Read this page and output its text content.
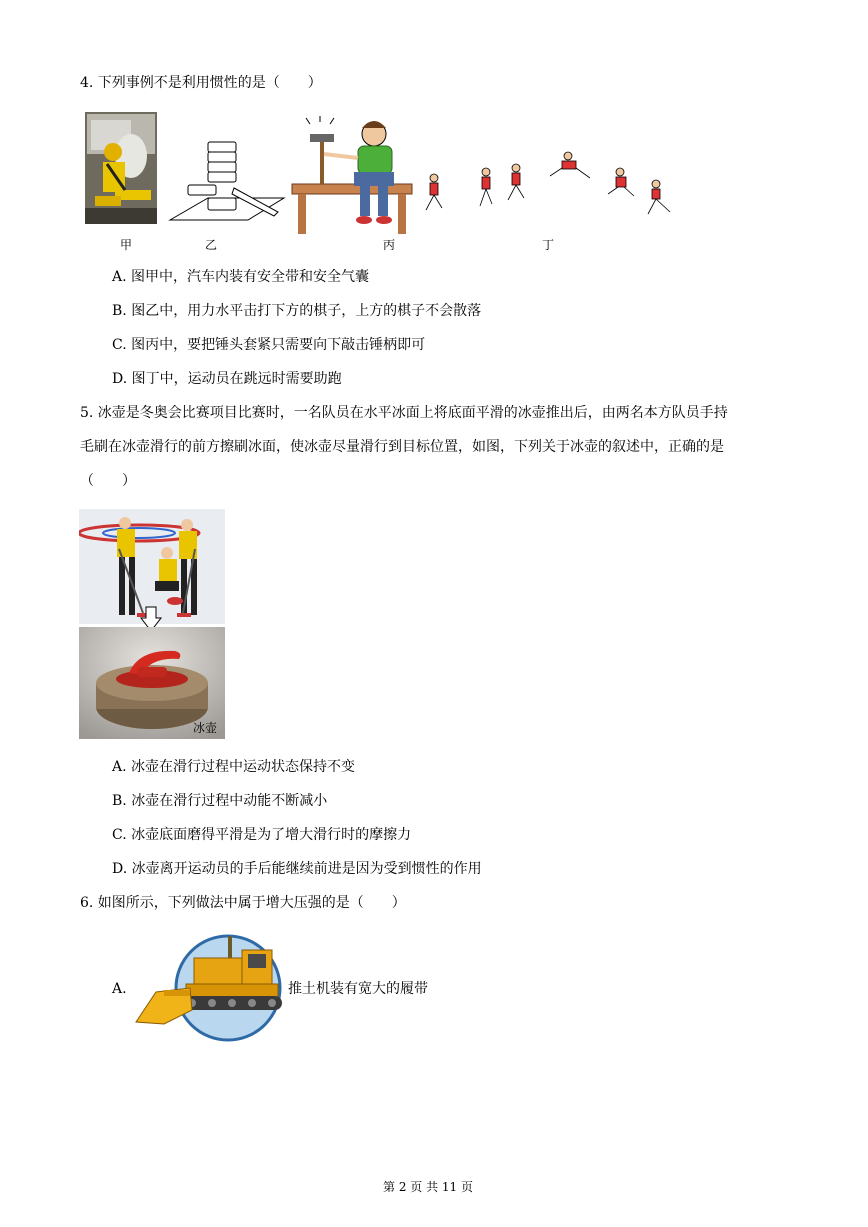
4. 下列事例不是利用惯性的是（　　）
甲	乙	丙	丁
A. 图甲中，汽车内装有安全带和安全气囊
B. 图乙中，用力水平击打下方的棋子，上方的棋子不会散落
C. 图丙中，要把锤头套紧只需要向下敲击锤柄即可
D. 图丁中，运动员在跳远时需要助跑
5. 冰壶是冬奥会比赛项目比赛时，一名队员在水平冰面上将底面平滑的冰壶推出后，由两名本方队员手持
毛刷在冰壶滑行的前方擦刷冰面，使冰壶尽量滑行到目标位置，如图，下列关于冰壶的叙述中，正确的是
（　　）
冰壶
A. 冰壶在滑行过程中运动状态保持不变
B. 冰壶在滑行过程中动能不断减小
C. 冰壶底面磨得平滑是为了增大滑行时的摩擦力
D. 冰壶离开运动员的手后能继续前进是因为受到惯性的作用
6. 如图所示，下列做法中属于增大压强的是（　　）
A.	推土机装有宽大的履带
第 2 页 共 11 页
